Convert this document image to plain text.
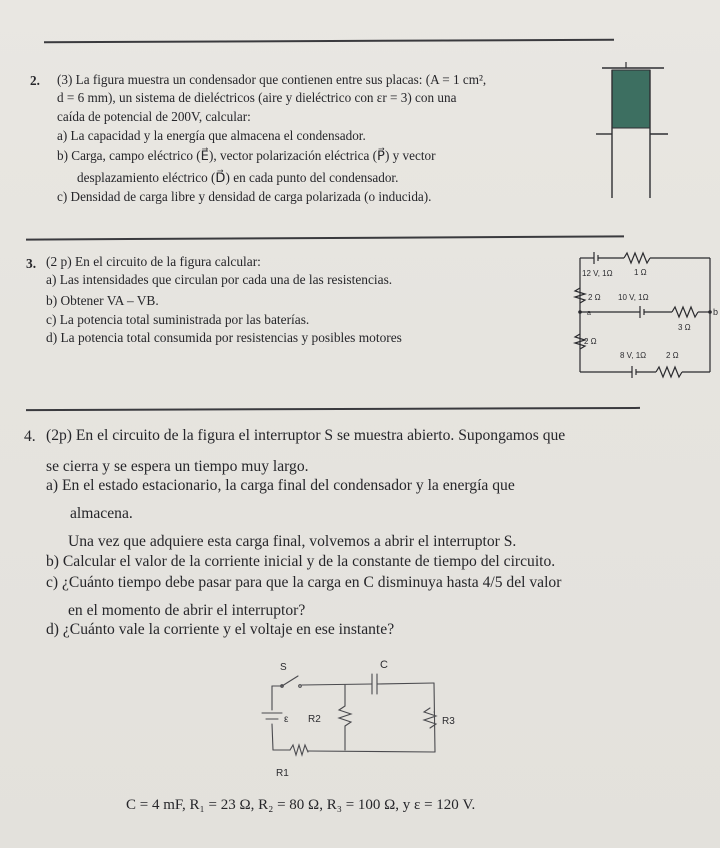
2. (3) La figura muestra un condensador que contienen entre sus placas: (A = 1 cm²,
d = 6 mm), un sistema de dieléctricos (aire y dieléctrico con εr = 3) con una
caída de potencial de 200V, calcular:
a) La capacidad y la energía que almacena el condensador.
b) Carga, campo eléctrico (E⃗), vector polarización eléctrica (P⃗) y vector
desplazamiento eléctrico (D⃗) en cada punto del condensador.
c) Densidad de carga libre y densidad de carga polarizada (o inducida).
3. (2 p) En el circuito de la figura calcular:
a) Las intensidades que circulan por cada una de las resistencias.
b) Obtener VA – VB.
c) La potencia total suministrada por las baterías.
d) La potencia total consumida por resistencias y posibles motores
12 V, 1Ω	1 Ω
2 Ω 10 V, 1Ω
a	b
3 Ω
2 Ω
8 V, 1Ω 2 Ω
4. (2p) En el circuito de la figura el interruptor S se muestra abierto. Supongamos que
se cierra y se espera un tiempo muy largo.
a) En el estado estacionario, la carga final del condensador y la energía que
almacena.
Una vez que adquiere esta carga final, volvemos a abrir el interruptor S.
b) Calcular el valor de la corriente inicial y de la constante de tiempo del circuito.
c) ¿Cuánto tiempo debe pasar para que la carga en C disminuya hasta 4/5 del valor
en el momento de abrir el interruptor?
d) ¿Cuánto vale la corriente y el voltaje en ese instante?
S	C
ε R2	R3
R1
C = 4 mF, R₁ = 23 Ω, R₂ = 80 Ω, R₃ = 100 Ω, y ε = 120 V.
